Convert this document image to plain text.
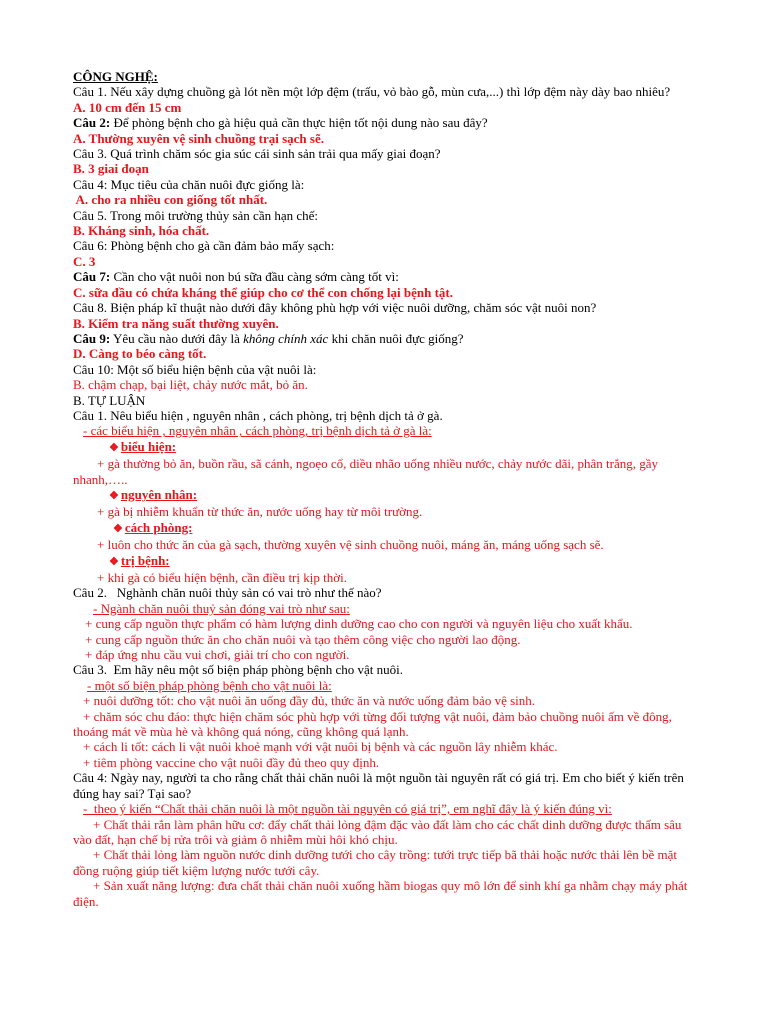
CÔNG NGHỆ:

Câu 1. Nếu xây dựng chuồng gà lót nền một lớp đệm (trấu, vỏ bào gỗ, mùn cưa,...) thì lớp đệm này dày bao nhiêu?

A. 10 cm đến 15 cm

Câu 2: Để phòng bệnh cho gà hiệu quả cần thực hiện tốt nội dung nào sau đây?

A. Thường xuyên vệ sinh chuồng trại sạch sẽ.

Câu 3. Quá trình chăm sóc gia súc cái sinh sản trải qua mấy giai đoạn?

B. 3 giai đoạn

Câu 4: Mục tiêu của chăn nuôi đực giống là:

A. cho ra nhiều con giống tốt nhất.

Câu 5. Trong môi trường thủy sản cần hạn chế:

B. Kháng sinh, hóa chất.

Câu 6: Phòng bệnh cho gà cần đảm bảo mấy sạch:

C. 3

Câu 7: Cần cho vật nuôi non bú sữa đầu càng sớm càng tốt vì:

C. sữa đầu có chứa kháng thể giúp cho cơ thể con chống lại bệnh tật.

Câu 8. Biện pháp kĩ thuật nào dưới đây không phù hợp với việc nuôi dưỡng, chăm sóc vật nuôi non?

B. Kiểm tra năng suất thường xuyên.

Câu 9: Yêu cầu nào dưới đây là không chính xác khi chăn nuôi đực giống?

D. Càng to béo càng tốt.

Câu 10: Một số biểu hiện bệnh của vật nuôi là:

B. chậm chạp, bại liệt, chảy nước mắt, bỏ ăn.

B. TỰ LUẬN

Câu 1. Nêu biểu hiện , nguyên nhân , cách phòng, trị bệnh dịch tả ở gà.

- các biểu hiện , nguyên nhân , cách phòng, trị bệnh dịch tả ở gà là:

❖ biểu hiện:

+ gà thường bỏ ăn, buồn rầu, sã cánh, ngoẹo cổ, diều nhão uống nhiều nước, chảy nước dãi, phân trắng, gầy nhanh,…..

❖ nguyên nhân:

+ gà bị nhiễm khuẩn từ thức ăn, nước uống hay từ môi trường.

❖ cách phòng:

+ luôn cho thức ăn của gà sạch, thường xuyên vệ sinh chuồng nuôi, máng ăn, máng uống sạch sẽ.

❖ trị bệnh:

+ khi gà có biểu hiện bệnh, cần điều trị kịp thời.

Câu 2.   Nghành chăn nuôi thủy sản có vai trò như thế nào?

- Ngành chăn nuôi thuỷ sản đóng vai trò như sau:

+ cung cấp nguồn thực phẩm có hàm lượng dinh dưỡng cao cho con người và nguyên liệu cho xuất khẩu.

+ cung cấp nguồn thức ăn cho chăn nuôi và tạo thêm công việc cho người lao động.

+ đáp ứng nhu cầu vui chơi, giải trí cho con người.

Câu 3.  Em hãy nêu một số biện pháp phòng bệnh cho vật nuôi.

- một số biện pháp phòng bệnh cho vật nuôi là:

+ nuôi dưỡng tốt: cho vật nuôi ăn uống đầy đủ, thức ăn và nước uống đảm bảo vệ sinh.

+ chăm sóc chu đáo: thực hiện chăm sóc phù hợp với từng đối tượng vật nuôi, đảm bảo chuồng nuôi ấm về đông, thoáng mát về mùa hè và không quá nóng, cũng không quá lạnh.

+ cách li tốt: cách li vật nuôi khoẻ mạnh với vật nuôi bị bệnh và các nguồn lây nhiễm khác.

+ tiêm phòng vaccine cho vật nuôi đầy đủ theo quy định.

Câu 4: Ngày nay, người ta cho rằng chất thải chăn nuôi là một nguồn tài nguyên rất có giá trị. Em cho biết ý kiến trên đúng hay sai? Tại sao?

-  theo ý kiến “Chất thải chăn nuôi là một nguồn tài nguyên có giá trị”, em nghĩ đây là ý kiến đúng vì:

+ Chất thải rắn làm phân hữu cơ: đẩy chất thải lỏng đậm đặc vào đất làm cho các chất dinh dưỡng được thấm sâu vào đất, hạn chế bị rửa trôi và giảm ô nhiễm mùi hôi khó chịu.

+ Chất thải lỏng làm nguồn nước dinh dưỡng tưới cho cây trồng: tưới trực tiếp bã thải hoặc nước thải lên bề mặt đồng ruộng giúp tiết kiệm lượng nước tưới cây.

+ Sản xuất năng lượng: đưa chất thải chăn nuôi xuống hầm biogas quy mô lớn để sinh khí ga nhằm chạy máy phát điện.
